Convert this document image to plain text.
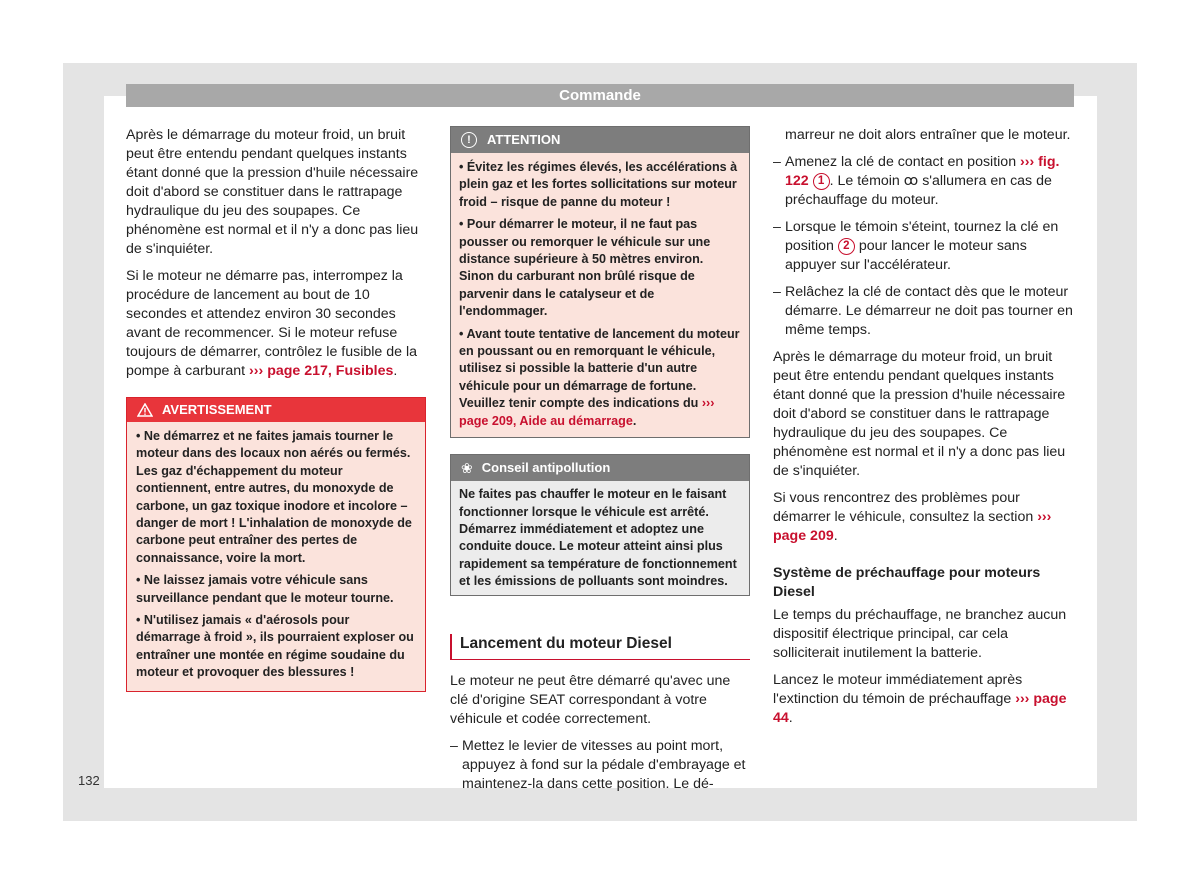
Commande

Après le démarrage du moteur froid, un bruit peut être entendu pendant quelques instants étant donné que la pression d'huile nécessaire doit d'abord se constituer dans le rattrapage hydraulique du jeu des soupapes. Ce phénomène est normal et il n'y a donc pas lieu de s'inquiéter.

Si le moteur ne démarre pas, interrompez la procédure de lancement au bout de 10 secondes et attendez environ 30 secondes avant de recommencer. Si le moteur refuse toujours de démarrer, contrôlez le fusible de la pompe à carburant ››› page 217, Fusibles.

AVERTISSEMENT

• Ne démarrez et ne faites jamais tourner le moteur dans des locaux non aérés ou fermés. Les gaz d'échappement du moteur contiennent, entre autres, du monoxyde de carbone, un gaz toxique inodore et incolore – danger de mort ! L'inhalation de monoxyde de carbone peut entraîner des pertes de connaissance, voire la mort.

• Ne laissez jamais votre véhicule sans surveillance pendant que le moteur tourne.

• N'utilisez jamais « d'aérosols pour démarrage à froid », ils pourraient exploser ou entraîner une montée en régime soudaine du moteur et provoquer des blessures !

!	ATTENTION

• Évitez les régimes élevés, les accélérations à plein gaz et les fortes sollicitations sur moteur froid – risque de panne du moteur !

• Pour démarrer le moteur, il ne faut pas pousser ou remorquer le véhicule sur une distance supérieure à 50 mètres environ. Sinon du carburant non brûlé risque de parvenir dans le catalyseur et de l'endommager.

• Avant toute tentative de lancement du moteur en poussant ou en remorquant le véhicule, utilisez si possible la batterie d'un autre véhicule pour un démarrage de fortune. Veuillez tenir compte des indications du ››› page 209, Aide au démarrage.

❀ Conseil antipollution
Ne faites pas chauffer le moteur en le faisant fonctionner lorsque le véhicule est arrêté. Démarrez immédiatement et adoptez une conduite douce. Le moteur atteint ainsi plus rapidement sa température de fonctionnement et les émissions de polluants sont moindres.
Lancement du moteur Diesel

Le moteur ne peut être démarré qu'avec une clé d'origine SEAT correspondant à votre véhicule et codée correctement.

– Mettez le levier de vitesses au point mort, appuyez à fond sur la pédale d'embrayage et maintenez-la dans cette position. Le dé-

marreur ne doit alors entraîner que le moteur.

– Amenez la clé de contact en position ››› fig. 122 1 . Le témoin ꝏ s'allumera en cas de préchauffage du moteur.
– Lorsque le témoin s'éteint, tournez la clé en position 2 pour lancer le moteur sans appuyer sur l'accélérateur.
– Relâchez la clé de contact dès que le moteur démarre. Le démarreur ne doit pas tourner en même temps.

Après le démarrage du moteur froid, un bruit peut être entendu pendant quelques instants étant donné que la pression d'huile nécessaire doit d'abord se constituer dans le rattrapage hydraulique du jeu des soupapes. Ce phénomène est normal et il n'y a donc pas lieu de s'inquiéter.

Si vous rencontrez des problèmes pour démarrer le véhicule, consultez la section ››› page 209.

Système de préchauffage pour moteurs Diesel

Le temps du préchauffage, ne branchez aucun dispositif électrique principal, car cela solliciterait inutilement la batterie.

Lancez le moteur immédiatement après l'extinction du témoin de préchauffage ››› page 44.

132
